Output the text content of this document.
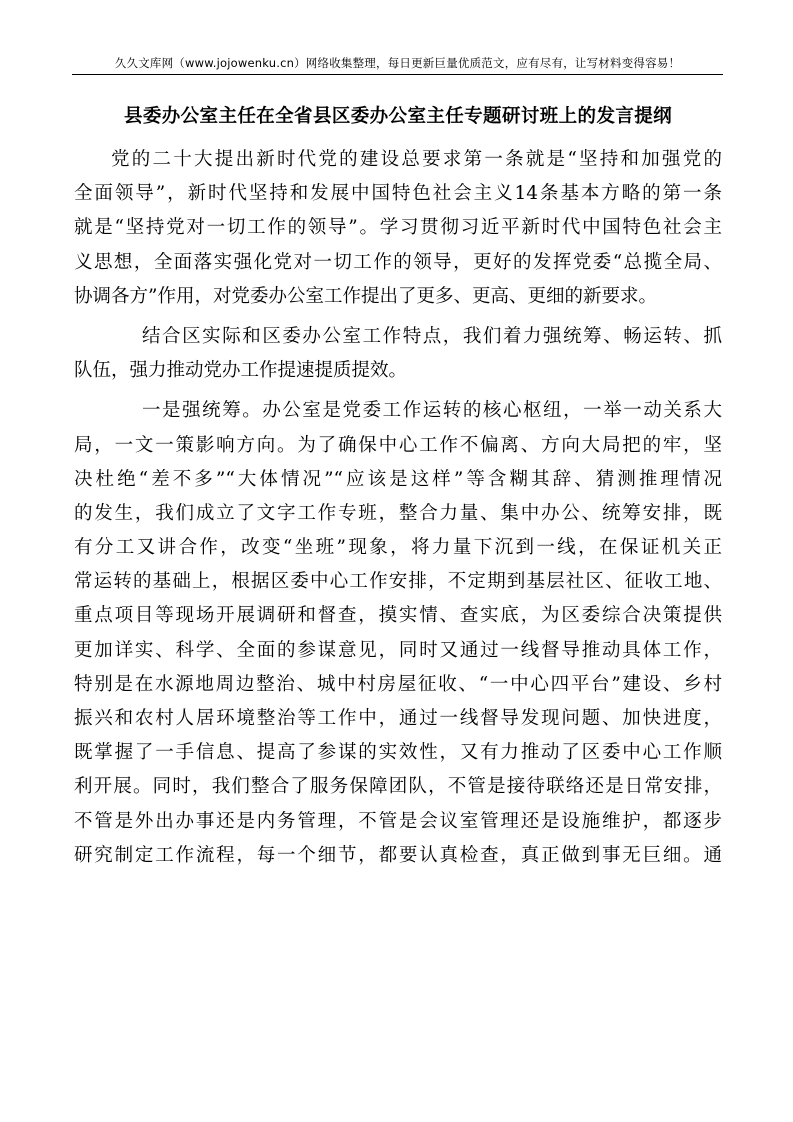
久久文库网（www.jojowenku.cn）网络收集整理，每日更新巨量优质范文，应有尽有，让写材料变得容易！
县委办公室主任在全省县区委办公室主任专题研讨班上的发言提纲
党的二十大提出新时代党的建设总要求第一条就是“坚持和加强党的
全面领导”，新时代坚持和发展中国特色社会主义14条基本方略的第一条
就是“坚持党对一切工作的领导”。学习贯彻习近平新时代中国特色社会主
义思想，全面落实强化党对一切工作的领导，更好的发挥党委“总揽全局、
协调各方”作用，对党委办公室工作提出了更多、更高、更细的新要求。
结合区实际和区委办公室工作特点，我们着力强统筹、畅运转、抓
队伍，强力推动党办工作提速提质提效。
一是强统筹。办公室是党委工作运转的核心枢纽，一举一动关系大
局，一文一策影响方向。为了确保中心工作不偏离、方向大局把的牢，坚
决杜绝“差不多”“大体情况”“应该是这样”等含糊其辞、猜测推理情况
的发生，我们成立了文字工作专班，整合力量、集中办公、统筹安排，既
有分工又讲合作，改变“坐班”现象，将力量下沉到一线，在保证机关正
常运转的基础上，根据区委中心工作安排，不定期到基层社区、征收工地、
重点项目等现场开展调研和督查，摸实情、查实底，为区委综合决策提供
更加详实、科学、全面的参谋意见，同时又通过一线督导推动具体工作，
特别是在水源地周边整治、城中村房屋征收、“一中心四平台”建设、乡村
振兴和农村人居环境整治等工作中，通过一线督导发现问题、加快进度，
既掌握了一手信息、提高了参谋的实效性，又有力推动了区委中心工作顺
利开展。同时，我们整合了服务保障团队，不管是接待联络还是日常安排，
不管是外出办事还是内务管理，不管是会议室管理还是设施维护，都逐步
研究制定工作流程，每一个细节，都要认真检查，真正做到事无巨细。通
